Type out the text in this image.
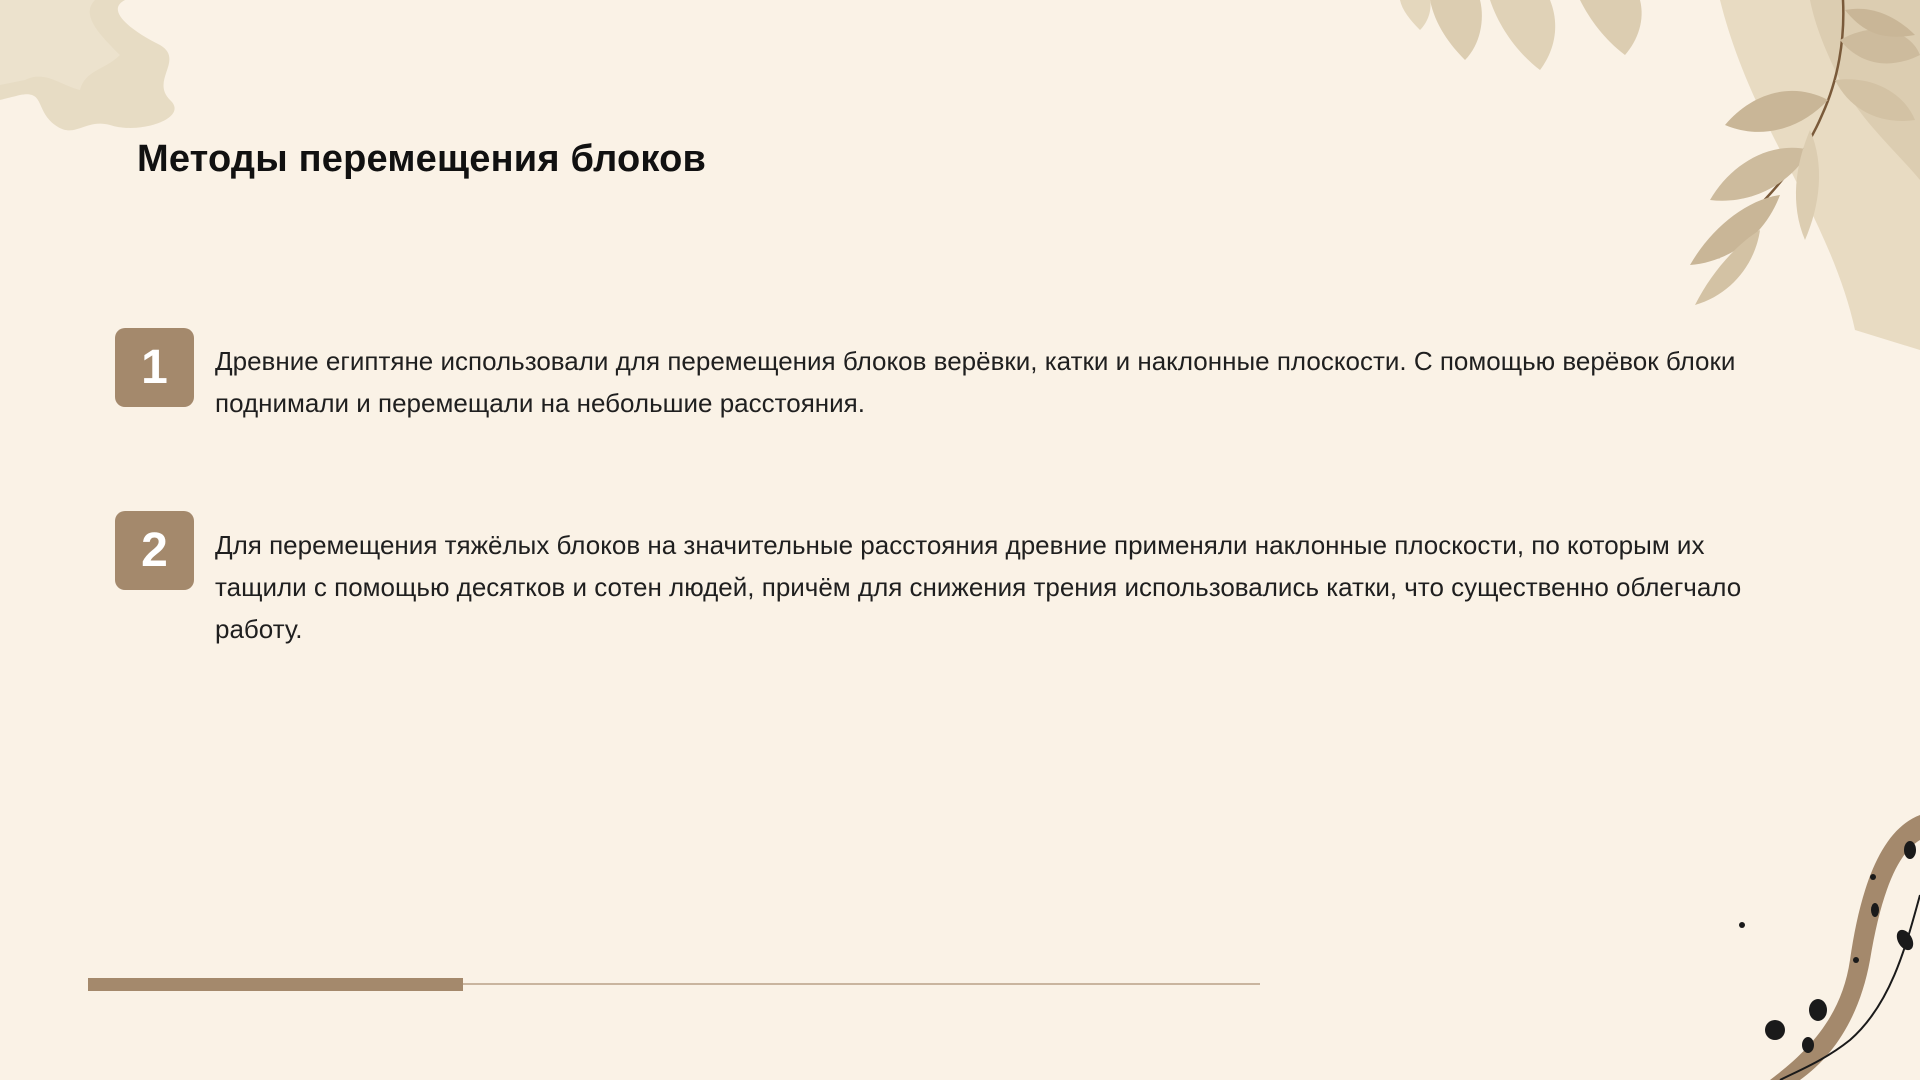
Методы перемещения блоков
1	Древние египтяне использовали для перемещения блоков верёвки, катки и наклонные плоскости. С помощью верёвок блоки поднимали и перемещали на небольшие расстояния.

2	Для перемещения тяжёлых блоков на значительные расстояния древние применяли наклонные плоскости, по которым их тащили с помощью десятков и сотен людей, причём для снижения трения использовались катки, что существенно облегчало работу.
